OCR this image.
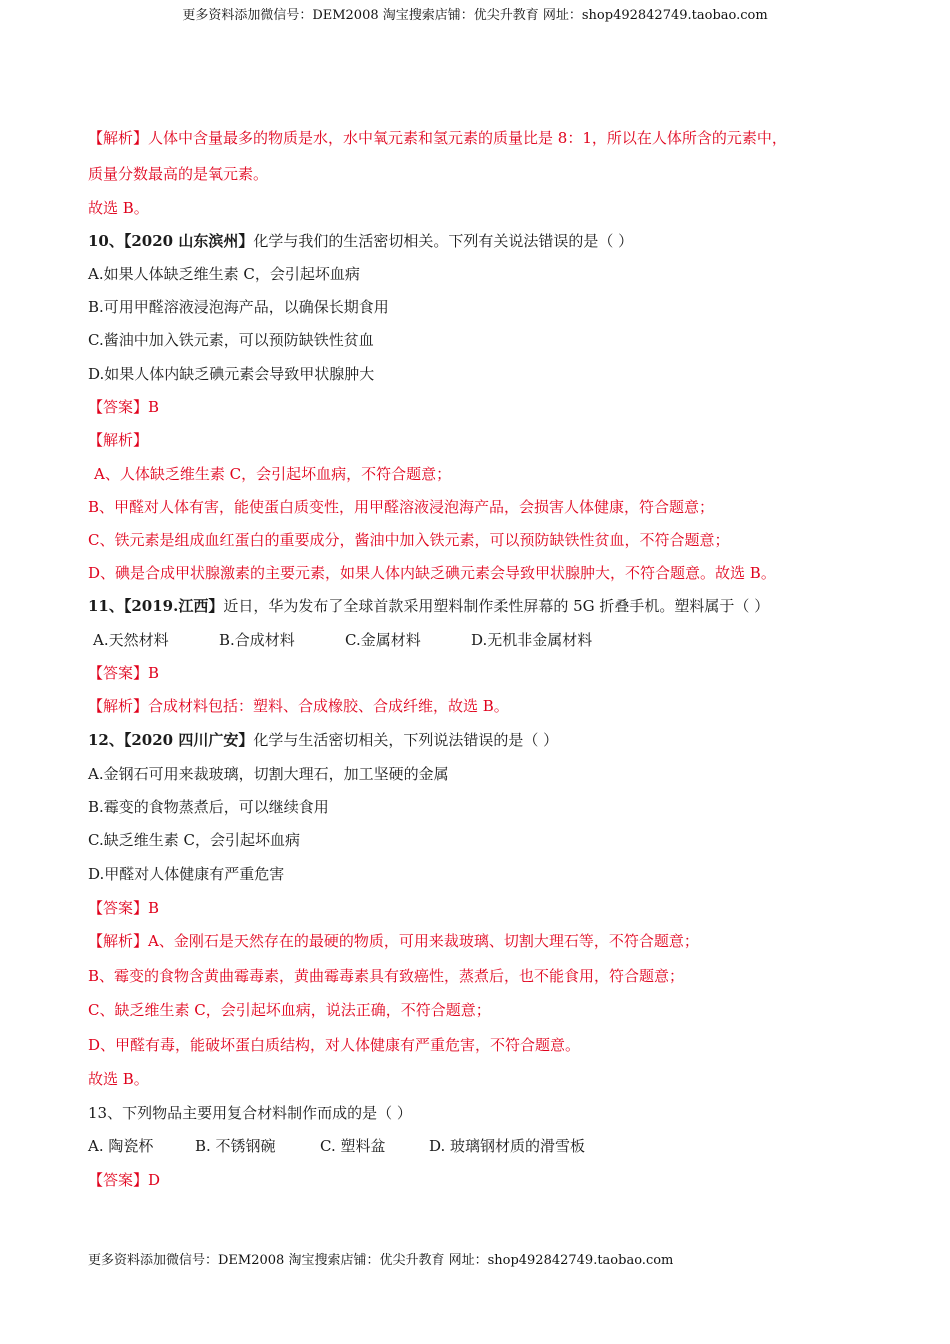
更多资料添加微信号：DEM2008 淘宝搜索店铺：优尖升教育 网址：shop492842749.taobao.com
【解析】人体中含量最多的物质是水，水中氧元素和氢元素的质量比是 8：1，所以在人体所含的元素中，
质量分数最高的是氧元素。
故选 B。
10、【2020 山东滨州】化学与我们的生活密切相关。下列有关说法错误的是（ ）
A.如果人体缺乏维生素 C，会引起坏血病
B.可用甲醛溶液浸泡海产品，以确保长期食用
C.酱油中加入铁元素，可以预防缺铁性贫血
D.如果人体内缺乏碘元素会导致甲状腺肿大
【答案】B
【解析】
A、人体缺乏维生素 C，会引起坏血病，不符合题意；
B、甲醛对人体有害，能使蛋白质变性，用甲醛溶液浸泡海产品，会损害人体健康，符合题意；
C、铁元素是组成血红蛋白的重要成分，酱油中加入铁元素，可以预防缺铁性贫血，不符合题意；
D、碘是合成甲状腺激素的主要元素，如果人体内缺乏碘元素会导致甲状腺肿大，不符合题意。故选 B。
11、【2019.江西】近日，华为发布了全球首款采用塑料制作柔性屏幕的 5G 折叠手机。塑料属于（ ）
A.天然材料	B.合成材料	C.金属材料	D.无机非金属材料
【答案】B
【解析】合成材料包括：塑料、合成橡胶、合成纤维，故选 B。
12、【2020 四川广安】化学与生活密切相关，下列说法错误的是（ ）
A.金钢石可用来裁玻璃，切割大理石，加工坚硬的金属
B.霉变的食物蒸煮后，可以继续食用
C.缺乏维生素 C，会引起坏血病
D.甲醛对人体健康有严重危害
【答案】B
【解析】A、金刚石是天然存在的最硬的物质，可用来裁玻璃、切割大理石等，不符合题意；
B、霉变的食物含黄曲霉毒素，黄曲霉毒素具有致癌性，蒸煮后，也不能食用，符合题意；
C、缺乏维生素 C，会引起坏血病，说法正确，不符合题意；
D、甲醛有毒，能破坏蛋白质结构，对人体健康有严重危害，不符合题意。
故选 B。
13、下列物品主要用复合材料制作而成的是（ ）
A. 陶瓷杯	B. 不锈钢碗	C. 塑料盆	D. 玻璃钢材质的滑雪板
【答案】D
更多资料添加微信号：DEM2008 淘宝搜索店铺：优尖升教育 网址：shop492842749.taobao.com
